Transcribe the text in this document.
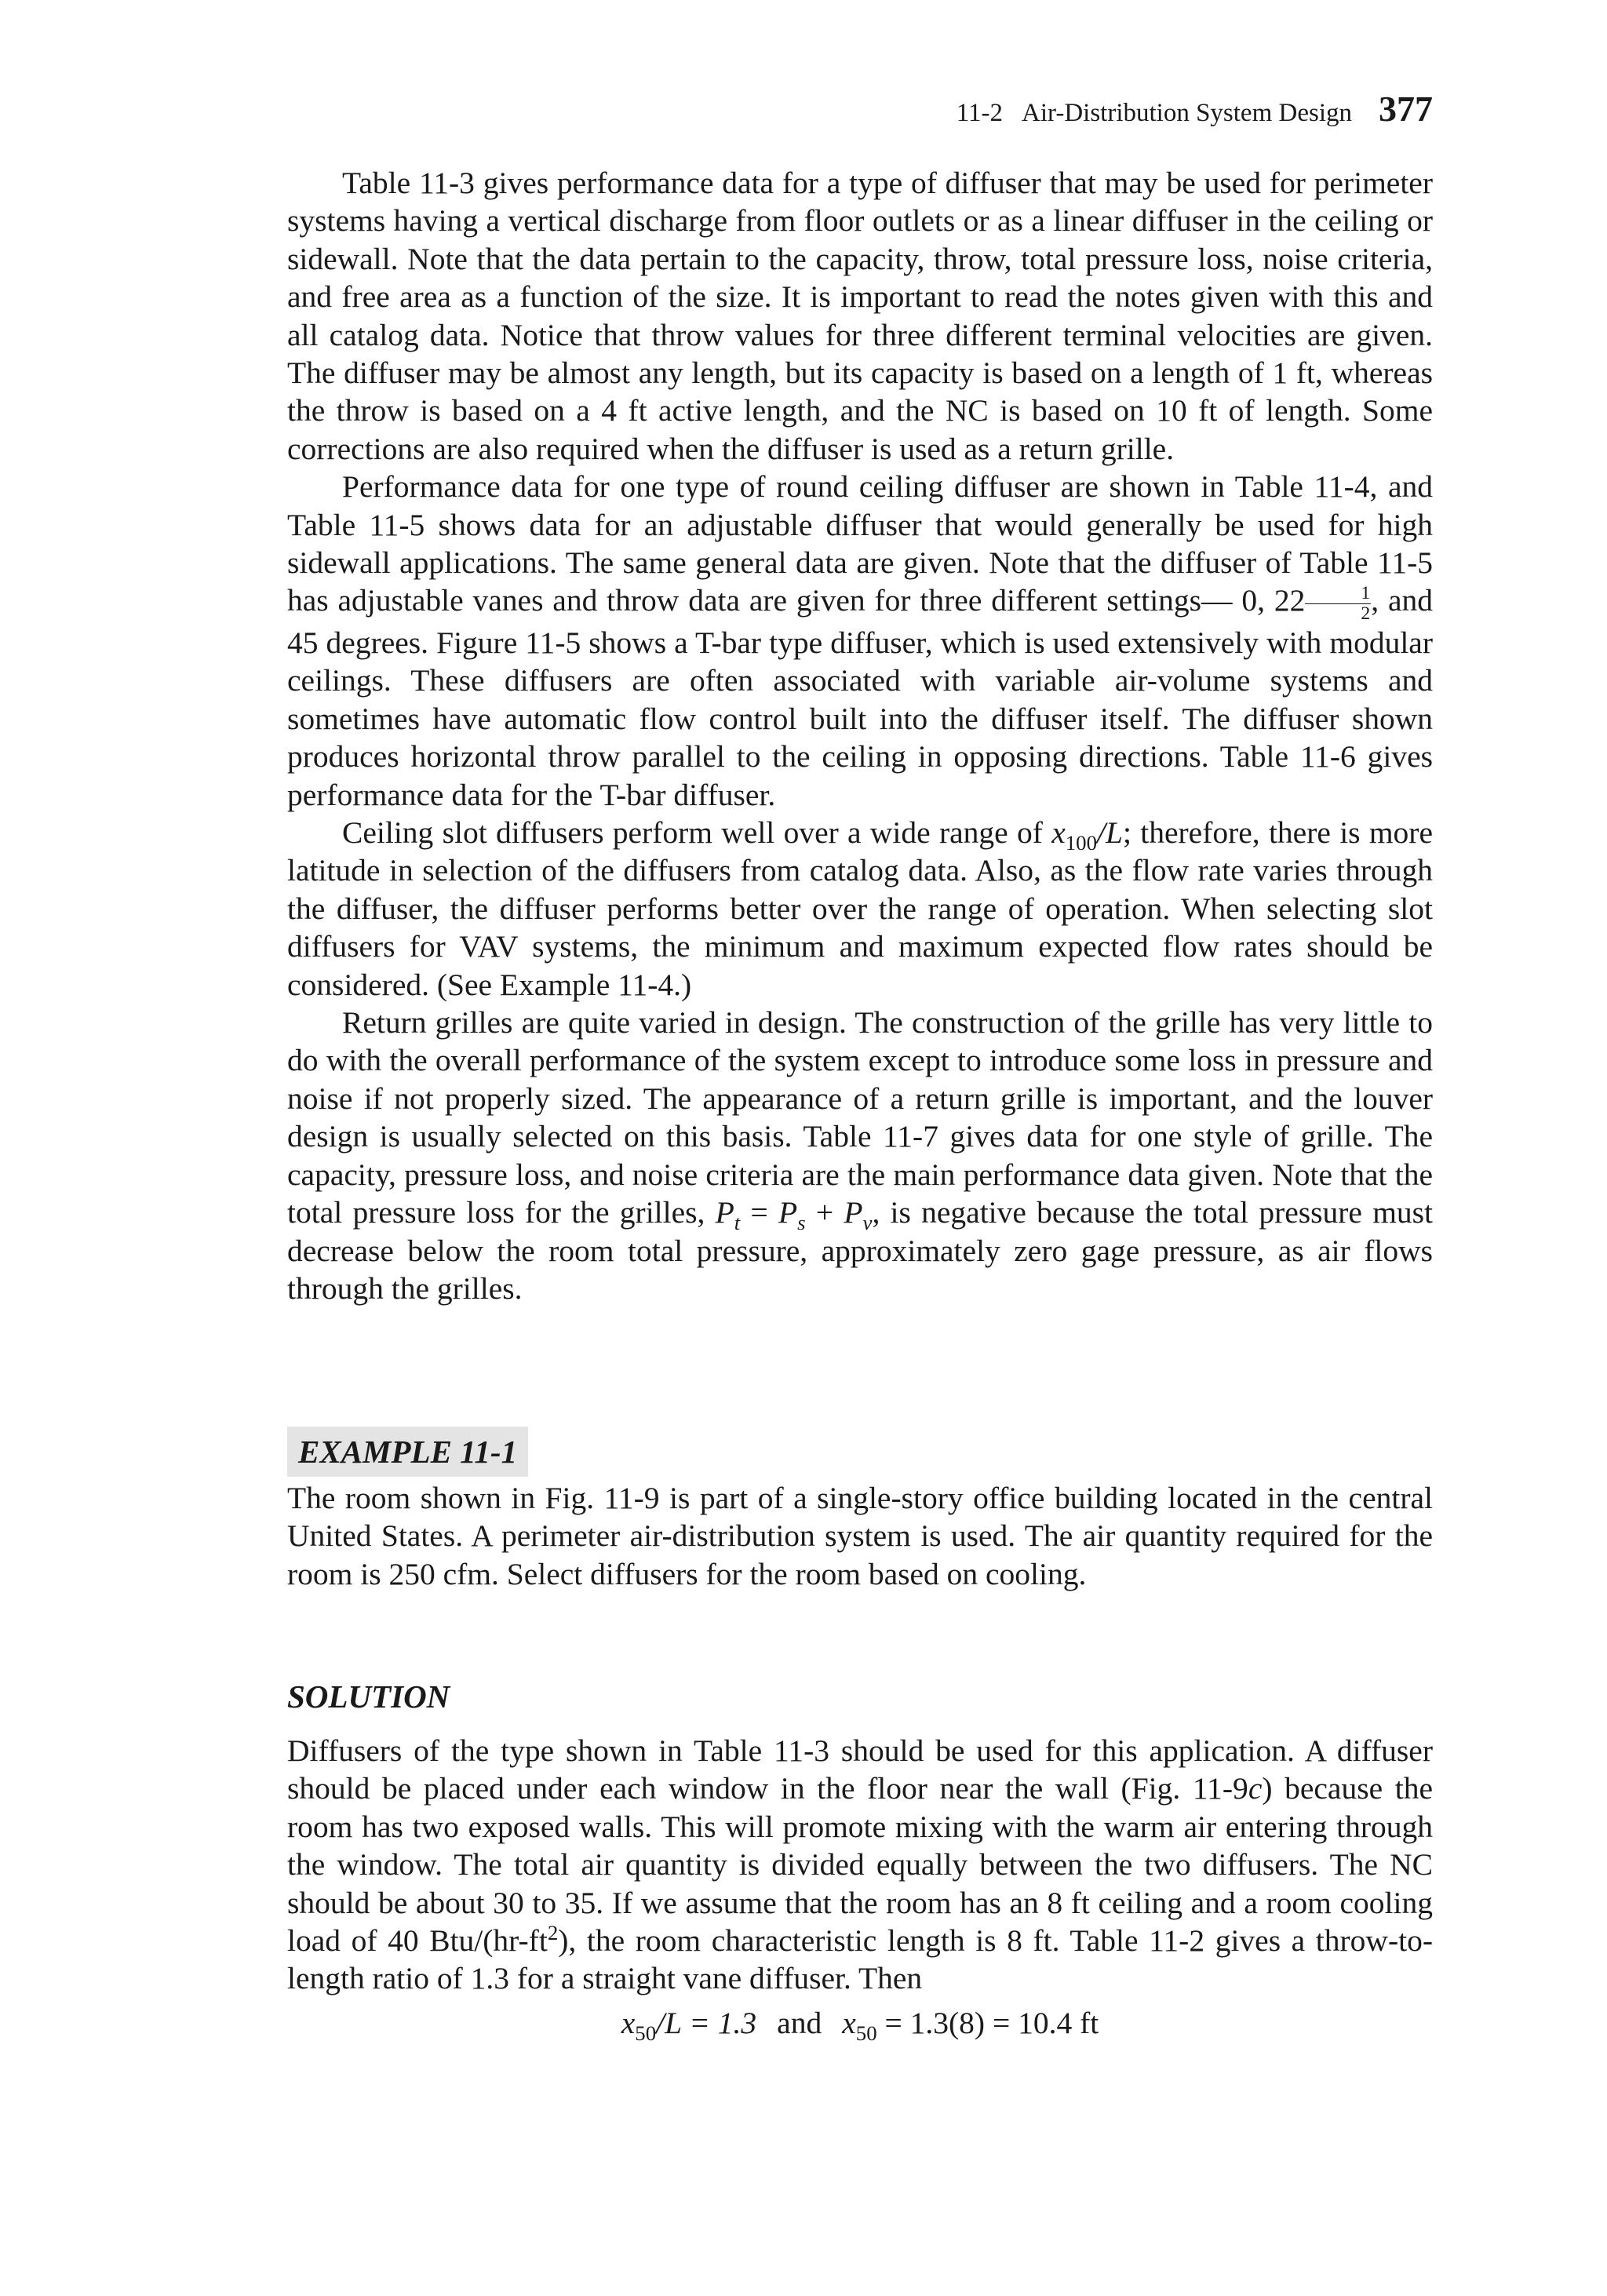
11-2 Air-Distribution System Design 377

Table 11-3 gives performance data for a type of diffuser that may be used for perimeter systems having a vertical discharge from floor outlets or as a linear diffuser in the ceiling or sidewall. Note that the data pertain to the capacity, throw, total pressure loss, noise criteria, and free area as a function of the size. It is important to read the notes given with this and all catalog data. Notice that throw values for three different terminal velocities are given. The diffuser may be almost any length, but its capacity is based on a length of 1 ft, whereas the throw is based on a 4 ft active length, and the NC is based on 10 ft of length. Some corrections are also required when the diffuser is used as a return grille.

Performance data for one type of round ceiling diffuser are shown in Table 11-4, and Table 11-5 shows data for an adjustable diffuser that would generally be used for high sidewall applications. The same general data are given. Note that the diffuser of Table 11-5 has adjustable vanes and throw data are given for three different settings— 0, $22 \frac{1}{2}$ , and 45 degrees. Figure 11-5 shows a T-bar type diffuser, which is used extensively with modular ceilings. These diffusers are often associated with variable air-volume systems and sometimes have automatic flow control built into the diffuser itself. The diffuser shown produces horizontal throw parallel to the ceiling in opposing directions. Table 11-6 gives performance data for the T-bar diffuser.

Ceiling slot diffusers perform well over a wide range of $x_{100}/L$; therefore, there is more latitude in selection of the diffusers from catalog data. Also, as the flow rate varies through the diffuser, the diffuser performs better over the range of operation. When selecting slot diffusers for VAV systems, the minimum and maximum expected flow rates should be considered. (See Example 11-4.)

Return grilles are quite varied in design. The construction of the grille has very little to do with the overall performance of the system except to introduce some loss in pressure and noise if not properly sized. The appearance of a return grille is important, and the louver design is usually selected on this basis. Table 11-7 gives data for one style of grille. The capacity, pressure loss, and noise criteria are the main performance data given. Note that the total pressure loss for the grilles, $P_t = P_s + P_v$, is negative because the total pressure must decrease below the room total pressure, approximately zero gage pressure, as air flows through the grilles.

EXAMPLE 11-1

The room shown in Fig. 11-9 is part of a single-story office building located in the central United States. A perimeter air-distribution system is used. The air quantity required for the room is 250 cfm. Select diffusers for the room based on cooling.

SOLUTION

Diffusers of the type shown in Table 11-3 should be used for this application. A diffuser should be placed under each window in the floor near the wall (Fig. 11-9c) because the room has two exposed walls. This will promote mixing with the warm air entering through the window. The total air quantity is divided equally between the two diffusers. The NC should be about 30 to 35. If we assume that the room has an 8 ft ceiling and a room cooling load of 40 Btu/$(hr-ft^2)$, the room characteristic length is 8 ft. Table 11-2 gives a throw-to-length ratio of 1.3 for a straight vane diffuser. Then

$x_{50}/L = 1.3$ and $x_{50} = 1.3(8) = 10.4$ ft
